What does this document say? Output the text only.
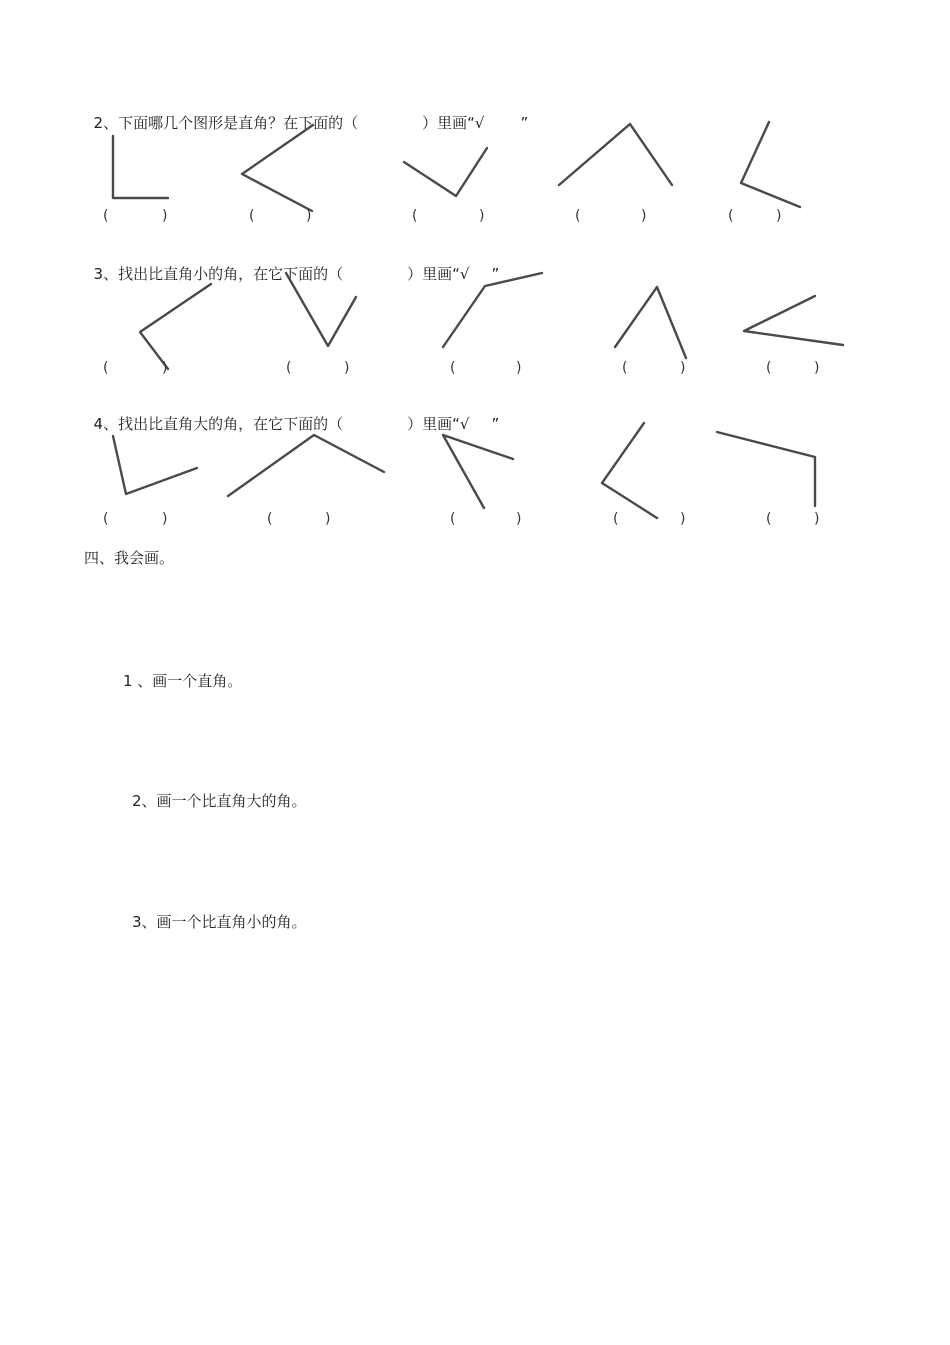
2、下面哪几个图形是直角？在下面的（	）里画“√ ”

3、找出比直角小的角，在它下面的（	）里画“√ ”

4、找出比直角大的角，在它下面的（	）里画“√ ”

(	)	(	)	(	)	(	)	(	)
(	)	(	)	(	)	(	)	(	)
(	)	(	)	(	)	(	)	(	)
四、我会画。
1 、画一个直角。
2、画一个比直角大的角。
3、画一个比直角小的角。
